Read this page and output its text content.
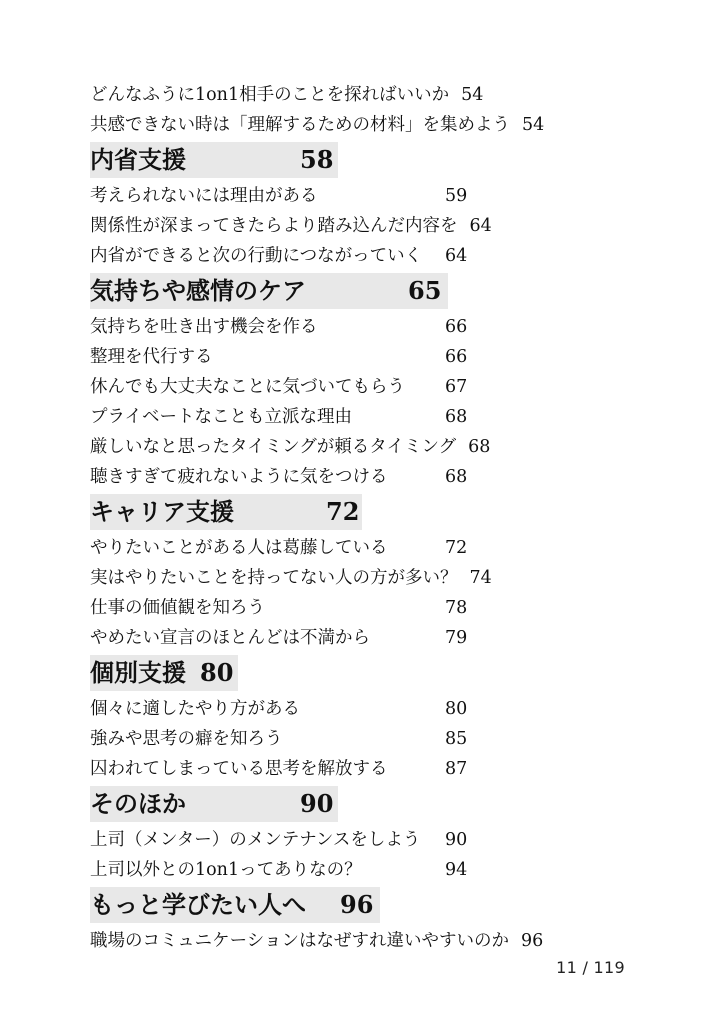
どんなふうに1on1相手のことを探ればいいか 54
共感できない時は「理解するための材料」を集めよう 54
内省支援	58
考えられないには理由がある	59
関係性が深まってきたらより踏み込んだ内容を 64
内省ができると次の行動につながっていく 64
気持ちや感情のケア	65
気持ちを吐き出す機会を作る	66
整理を代行する	66
休んでも大丈夫なことに気づいてもらう 67
プライベートなことも立派な理由	68
厳しいなと思ったタイミングが頼るタイミング 68
聴きすぎて疲れないように気をつける	68
キャリア支援	72
やりたいことがある人は葛藤している	72
実はやりたいことを持ってない人の方が多い？ 74
仕事の価値観を知ろう	78
やめたい宣言のほとんどは不満から	79
個別支援 80
個々に適したやり方がある	80
強みや思考の癖を知ろう	85
囚われてしまっている思考を解放する	87
そのほか	90
上司（メンター）のメンテナンスをしよう 90
上司以外との1on1ってありなの？	94
もっと学びたい人へ 96
職場のコミュニケーションはなぜすれ違いやすいのか 96
11 / 119
